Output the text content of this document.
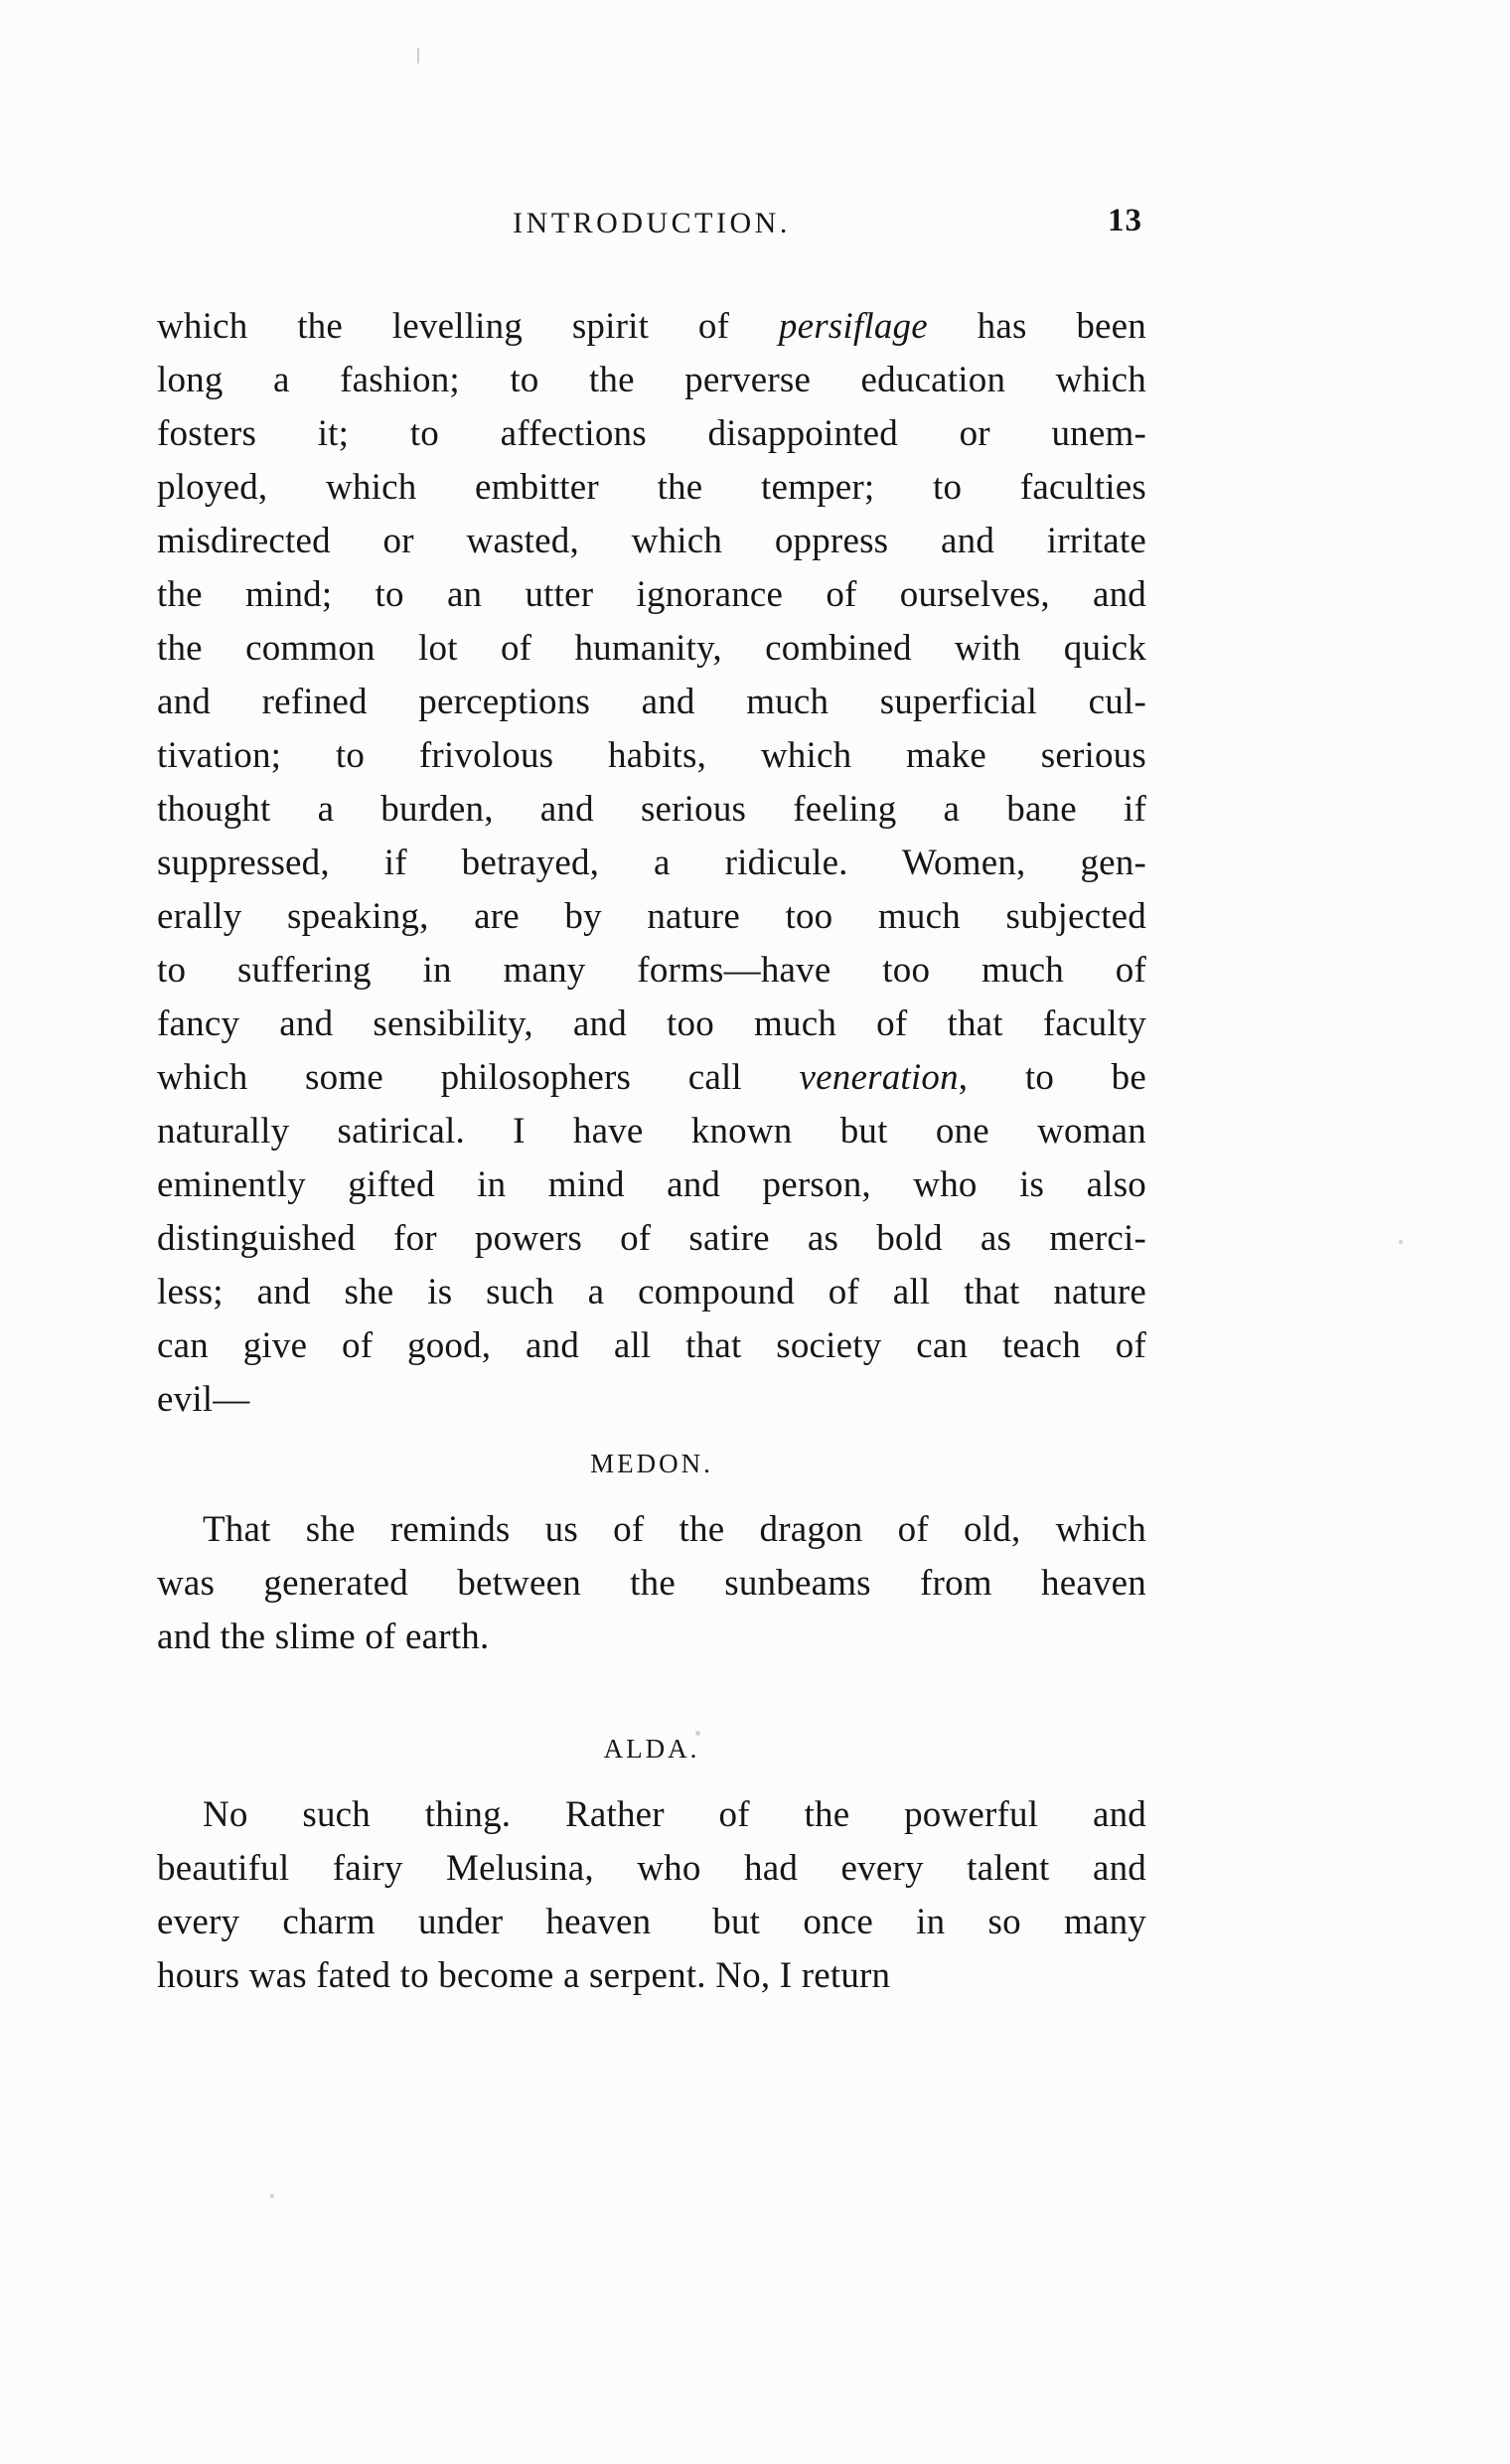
INTRODUCTION.	13
which the levelling spirit of persiflage has been
long a fashion; to the perverse education which
fosters it; to affections disappointed or unem-
ployed, which embitter the temper; to faculties
misdirected or wasted, which oppress and irritate
the mind; to an utter ignorance of ourselves, and
the common lot of humanity, combined with quick
and refined perceptions and much superficial cul-
tivation; to frivolous habits, which make serious
thought a burden, and serious feeling a bane if
suppressed, if betrayed, a ridicule. Women, gen-
erally speaking, are by nature too much subjected
to suffering in many forms—have too much of
fancy and sensibility, and too much of that faculty
which some philosophers call veneration, to be
naturally satirical. I have known but one woman
eminently gifted in mind and person, who is also
distinguished for powers of satire as bold as merci-
less; and she is such a compound of all that nature
can give of good, and all that society can teach of
evil—
MEDON.
That she reminds us of the dragon of old, which
was generated between the sunbeams from heaven
and the slime of earth.
ALDA.
No such thing. Rather of the powerful and
beautiful fairy Melusina, who had every talent and
every charm under heaven  but once in so many
hours was fated to become a serpent. No, I return
